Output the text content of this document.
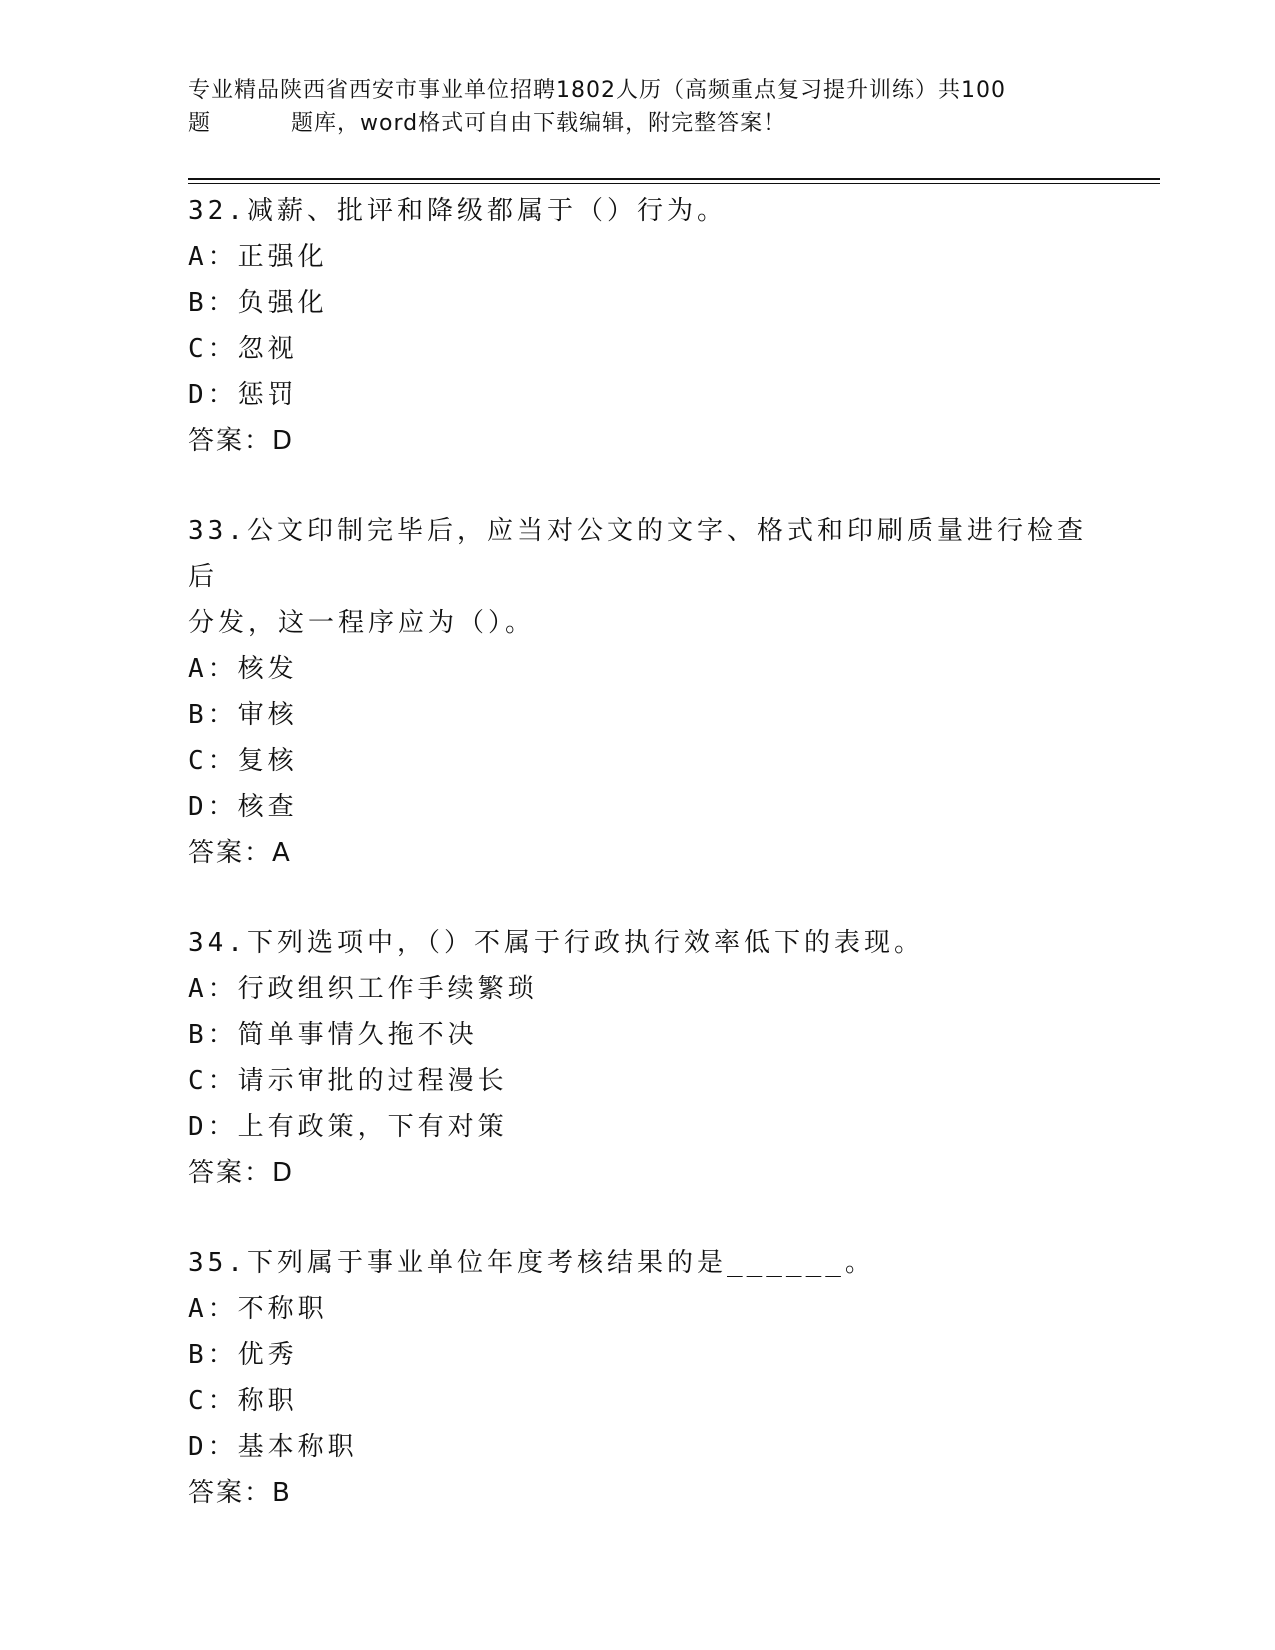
专业精品陕西省西安市事业单位招聘1802人历（高频重点复习提升训练）共100
题	题库，word格式可自由下载编辑，附完整答案！
32.减薪、批评和降级都属于（）行为。
A：正强化
B：负强化
C：忽视
D：惩罚
答案：D
33.公文印制完毕后，应当对公文的文字、格式和印刷质量进行检查后
分发，这一程序应为（）。
A：核发
B：审核
C：复核
D：核查
答案：A
34.下列选项中，（）不属于行政执行效率低下的表现。
A：行政组织工作手续繁琐
B：简单事情久拖不决
C：请示审批的过程漫长
D：上有政策，下有对策
答案：D
35.下列属于事业单位年度考核结果的是______。
A：不称职
B：优秀
C：称职
D：基本称职
答案：B
